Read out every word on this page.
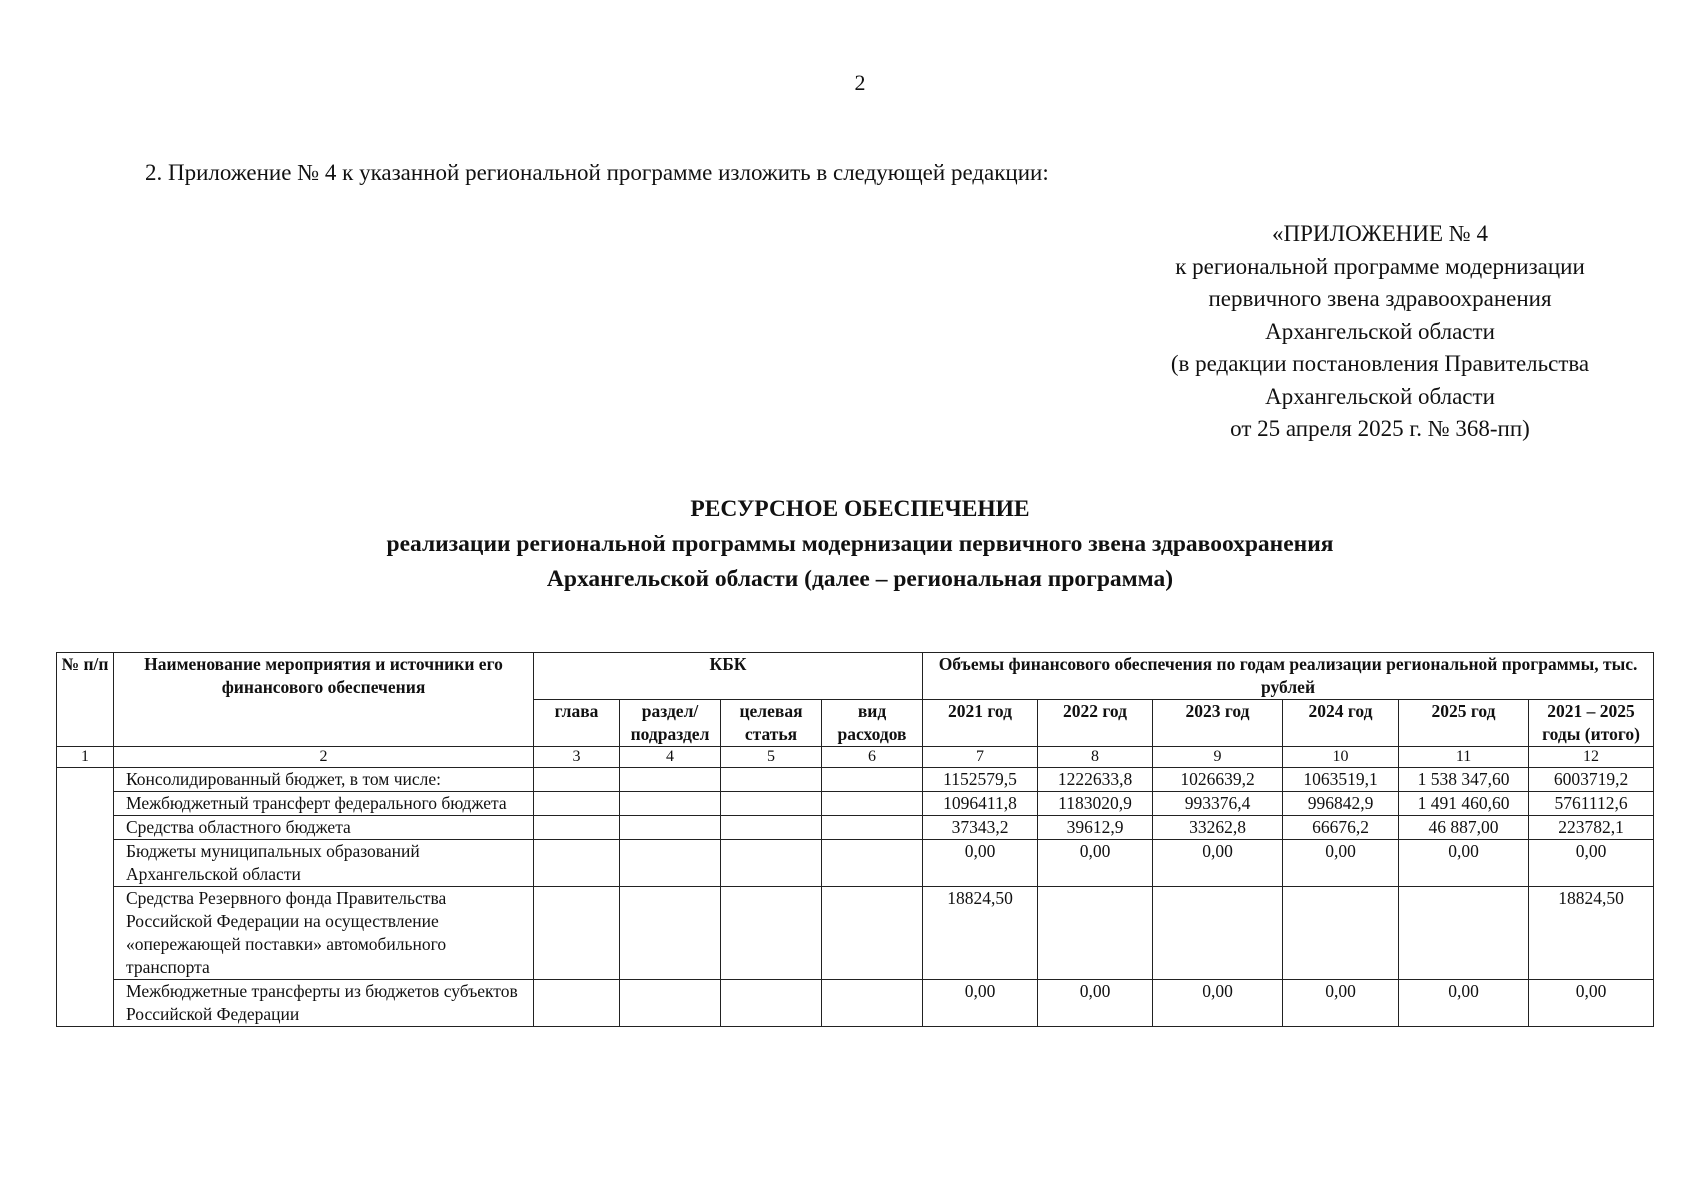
2
2. Приложение № 4 к указанной региональной программе изложить в следующей редакции:
«ПРИЛОЖЕНИЕ № 4
к региональной программе модернизации
первичного звена здравоохранения
Архангельской области
(в редакции постановления Правительства
Архангельской области
от 25 апреля 2025 г. № 368-пп)
РЕСУРСНОЕ ОБЕСПЕЧЕНИЕ
реализации региональной программы модернизации первичного звена здравоохранения
Архангельской области (далее – региональная программа)
№ п/п	Наименование мероприятия и источники его финансового обеспечения	КБК				Объемы финансового обеспечения по годам реализации региональной программы, тыс. рублей					
		глава	раздел/ подраздел	целевая статья	вид расходов	2021 год	2022 год	2023 год	2024 год	2025 год	2021 – 2025 годы (итого)
1	2	3	4	5	6	7	8	9	10	11	12
	Консолидированный бюджет, в том числе:					1152579,5	1222633,8	1026639,2	1063519,1	1 538 347,60	6003719,2
	Межбюджетный трансферт федерального бюджета					1096411,8	1183020,9	993376,4	996842,9	1 491 460,60	5761112,6
	Средства областного бюджета					37343,2	39612,9	33262,8	66676,2	46 887,00	223782,1
	Бюджеты муниципальных образований Архангельской области					0,00	0,00	0,00	0,00	0,00	0,00
	Средства Резервного фонда Правительства Российской Федерации на осуществление «опережающей поставки» автомобильного транспорта					18824,50					18824,50
	Межбюджетные трансферты из бюджетов субъектов Российской Федерации					0,00	0,00	0,00	0,00	0,00	0,00
